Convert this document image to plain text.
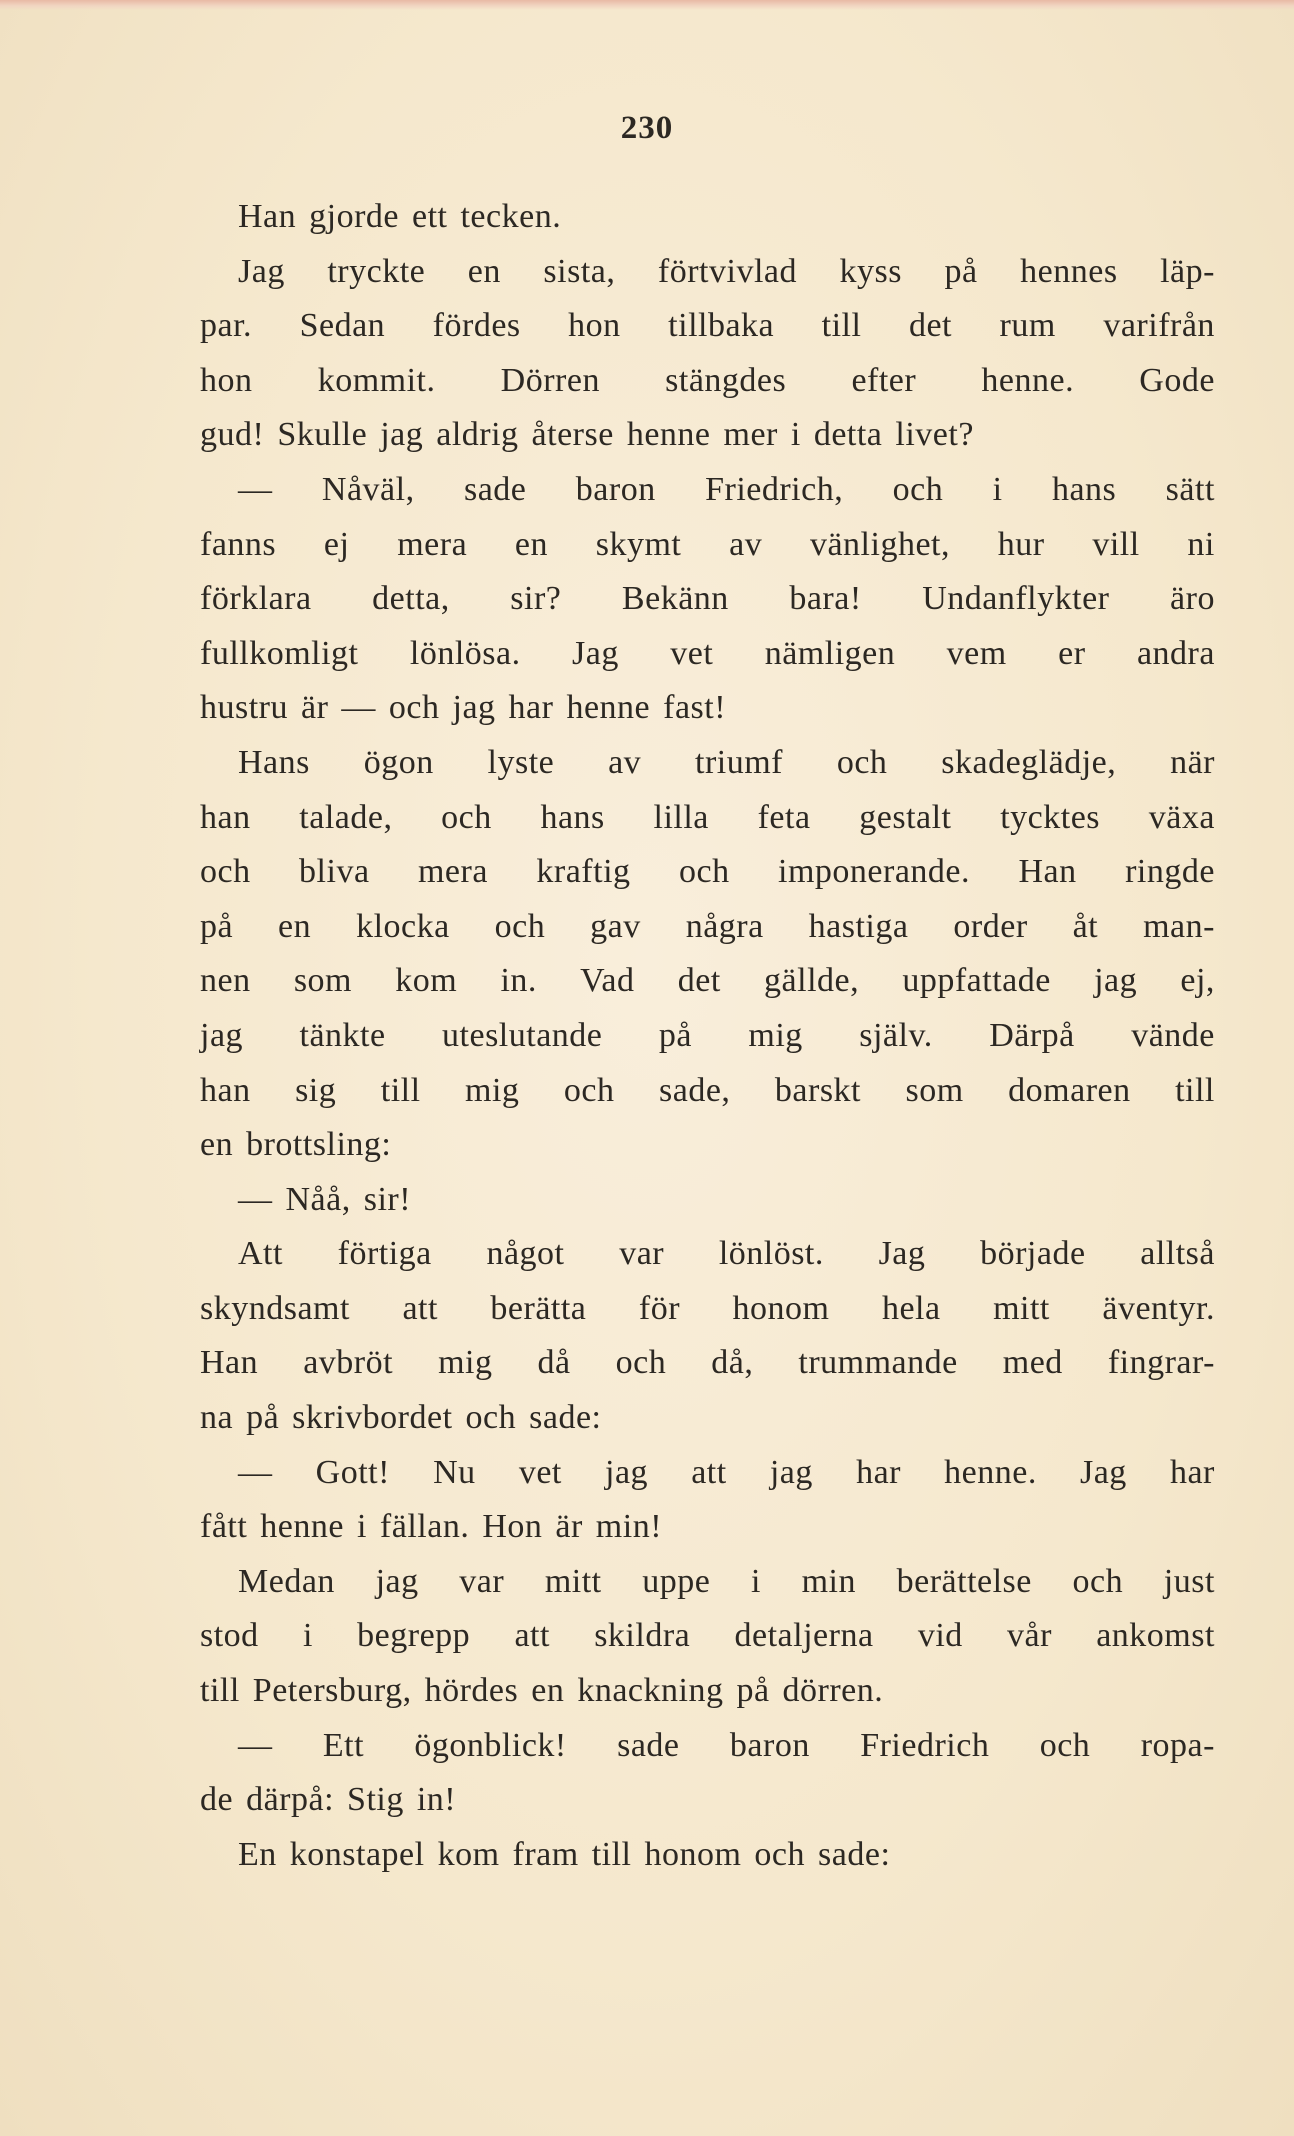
230
Han gjorde ett tecken.
Jag tryckte en sista, förtvivlad kyss på hennes läp-
par. Sedan fördes hon tillbaka till det rum varifrån
hon kommit. Dörren stängdes efter henne. Gode
gud! Skulle jag aldrig återse henne mer i detta livet?
— Nåväl, sade baron Friedrich, och i hans sätt
fanns ej mera en skymt av vänlighet, hur vill ni
förklara detta, sir? Bekänn bara! Undanflykter äro
fullkomligt lönlösa. Jag vet nämligen vem er andra
hustru är — och jag har henne fast!
Hans ögon lyste av triumf och skadeglädje, när
han talade, och hans lilla feta gestalt tycktes växa
och bliva mera kraftig och imponerande. Han ringde
på en klocka och gav några hastiga order åt man-
nen som kom in. Vad det gällde, uppfattade jag ej,
jag tänkte uteslutande på mig själv. Därpå vände
han sig till mig och sade, barskt som domaren till
en brottsling:
— Nåå, sir!
Att förtiga något var lönlöst. Jag började alltså
skyndsamt att berätta för honom hela mitt äventyr.
Han avbröt mig då och då, trummande med fingrar-
na på skrivbordet och sade:
— Gott! Nu vet jag att jag har henne. Jag har
fått henne i fällan. Hon är min!
Medan jag var mitt uppe i min berättelse och just
stod i begrepp att skildra detaljerna vid vår ankomst
till Petersburg, hördes en knackning på dörren.
— Ett ögonblick! sade baron Friedrich och ropa-
de därpå: Stig in!
En konstapel kom fram till honom och sade:
